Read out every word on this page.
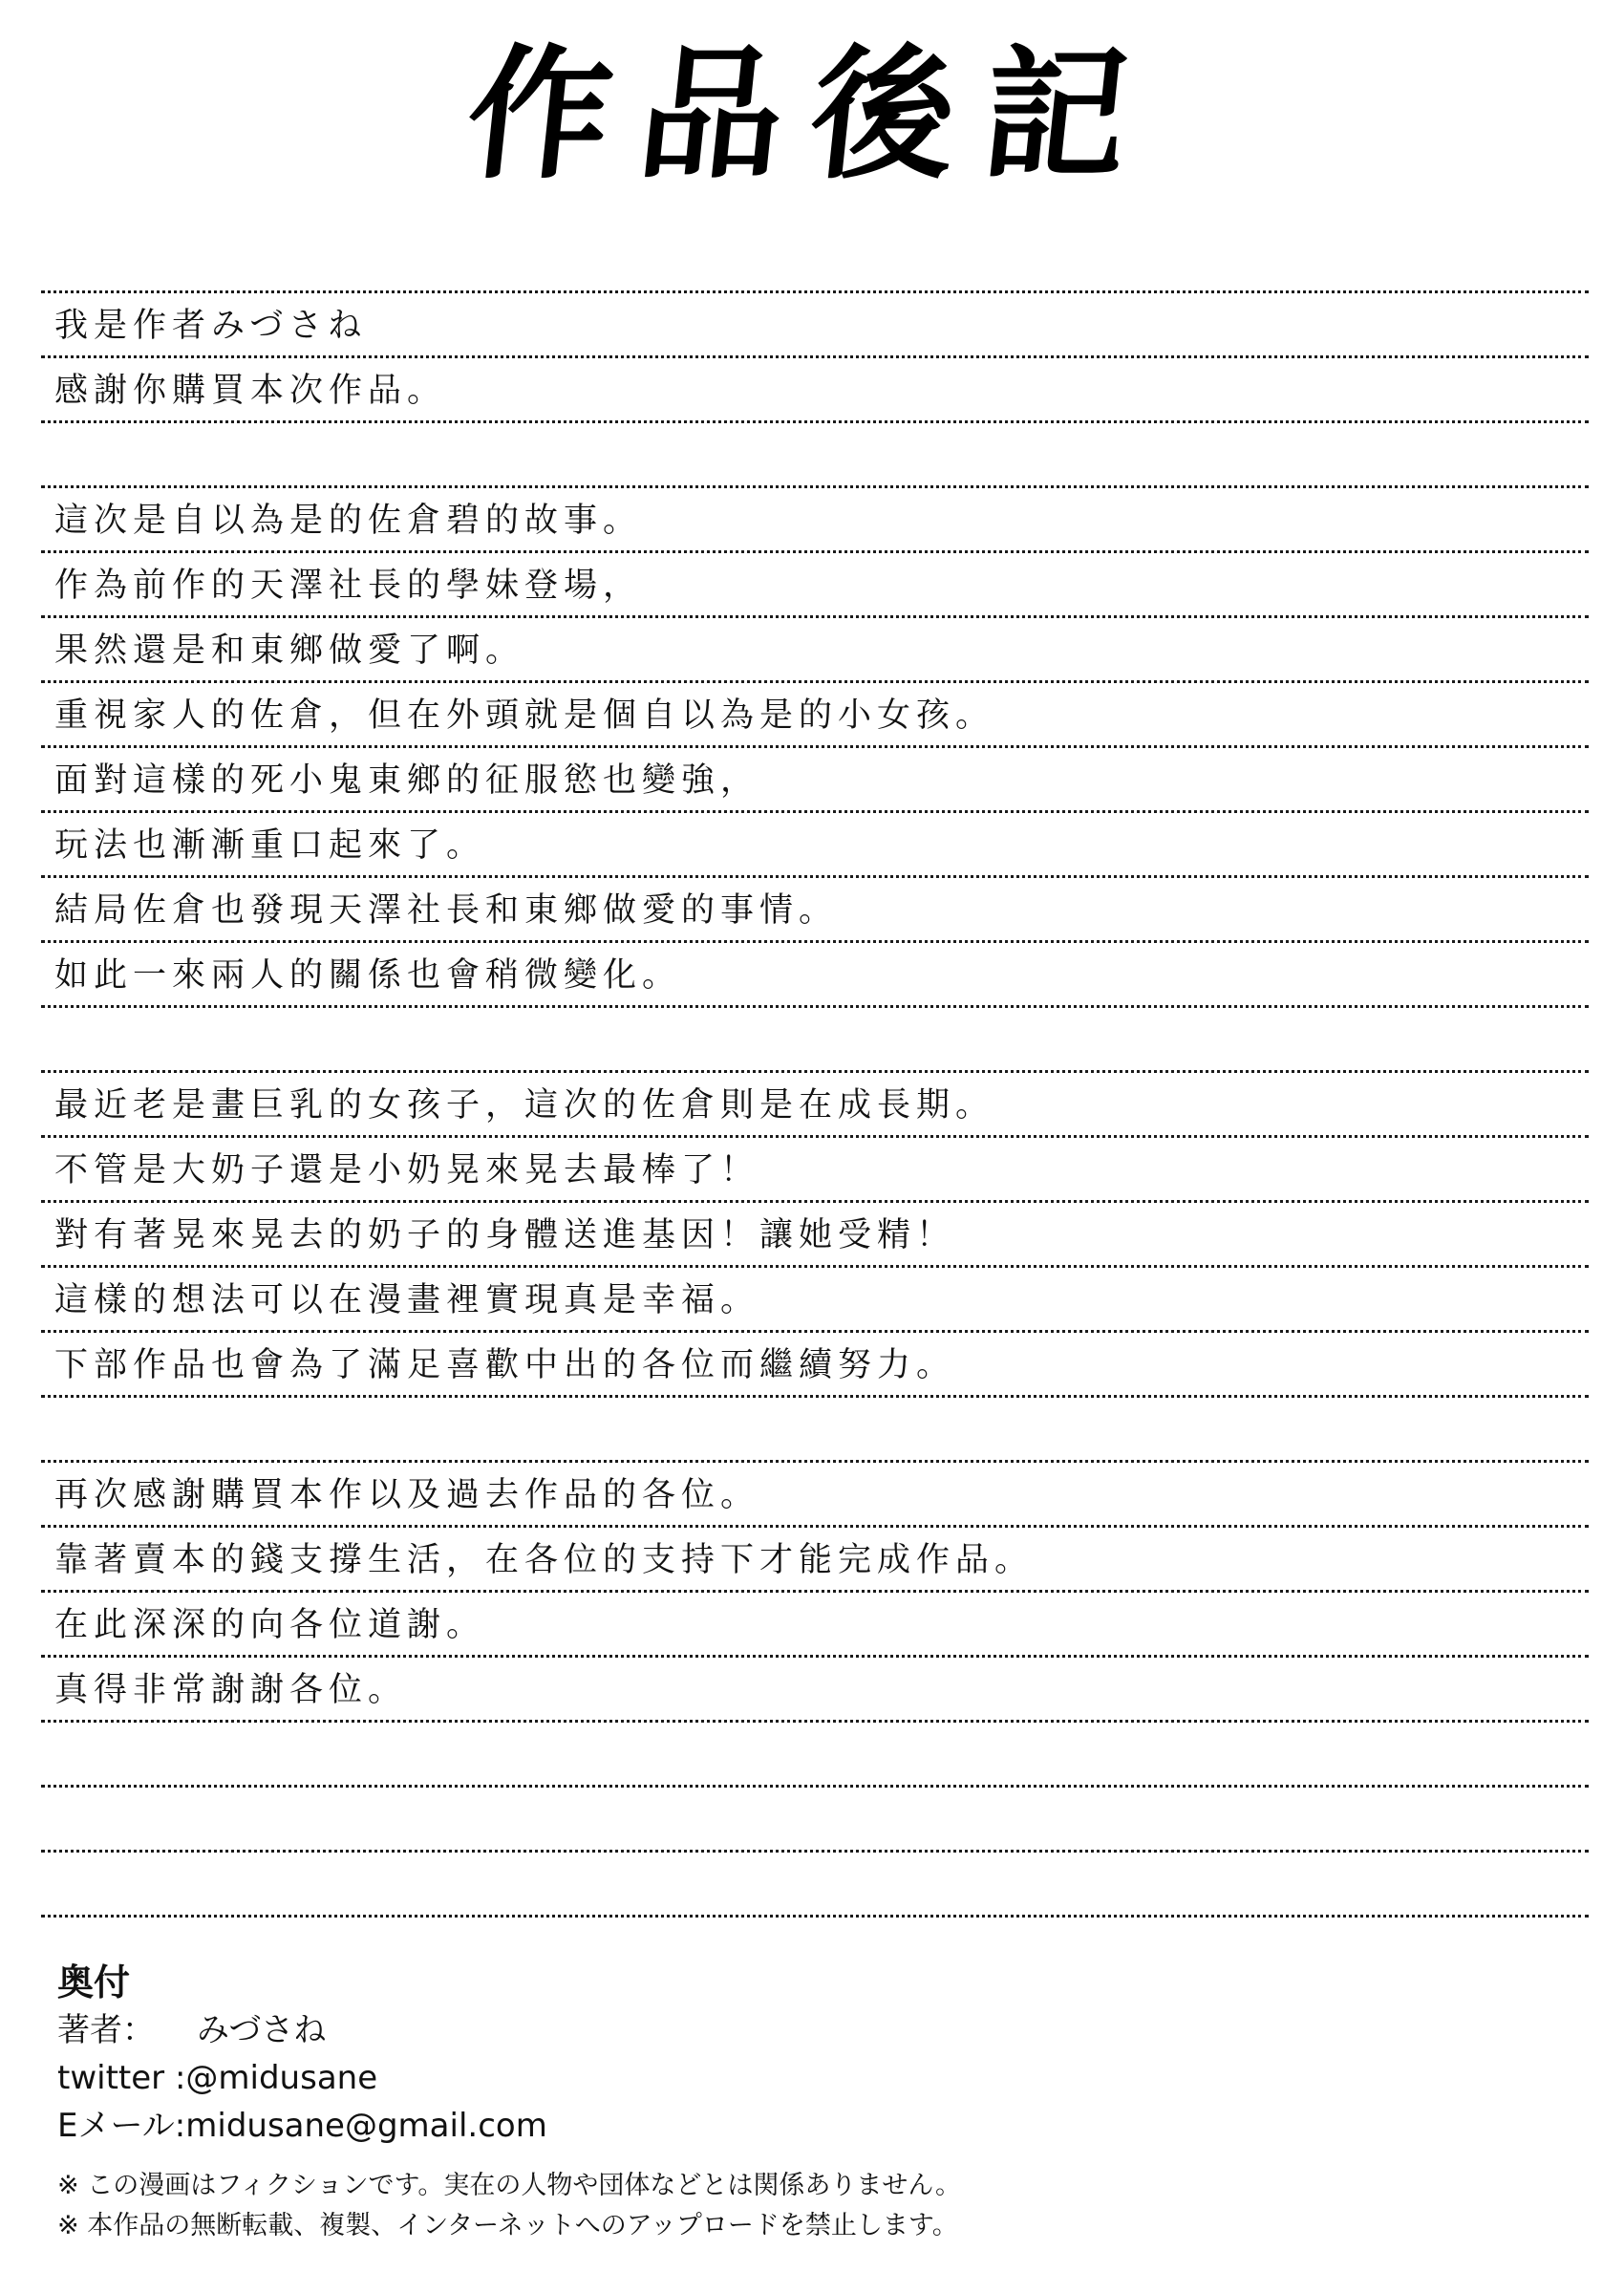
作品後記
我是作者みづさね
感謝你購買本次作品。
這次是自以為是的佐倉碧的故事。
作為前作的天澤社長的學妹登場，
果然還是和東鄉做愛了啊。
重視家人的佐倉，但在外頭就是個自以為是的小女孩。
面對這樣的死小鬼東鄉的征服慾也變強，
玩法也漸漸重口起來了。
結局佐倉也發現天澤社長和東鄉做愛的事情。
如此一來兩人的關係也會稍微變化。
最近老是畫巨乳的女孩子，這次的佐倉則是在成長期。
不管是大奶子還是小奶晃來晃去最棒了！
對有著晃來晃去的奶子的身體送進基因！讓她受精！
這樣的想法可以在漫畫裡實現真是幸福。
下部作品也會為了滿足喜歡中出的各位而繼續努力。
再次感謝購買本作以及過去作品的各位。
靠著賣本的錢支撐生活，在各位的支持下才能完成作品。
在此深深的向各位道謝。
真得非常謝謝各位。
奥付
著者： みづさね
twitter :@midusane
Eメール:midusane@gmail.com
※ この漫画はフィクションです。実在の人物や団体などとは関係ありません。
※ 本作品の無断転載、複製、インターネットへのアップロードを禁止します。
